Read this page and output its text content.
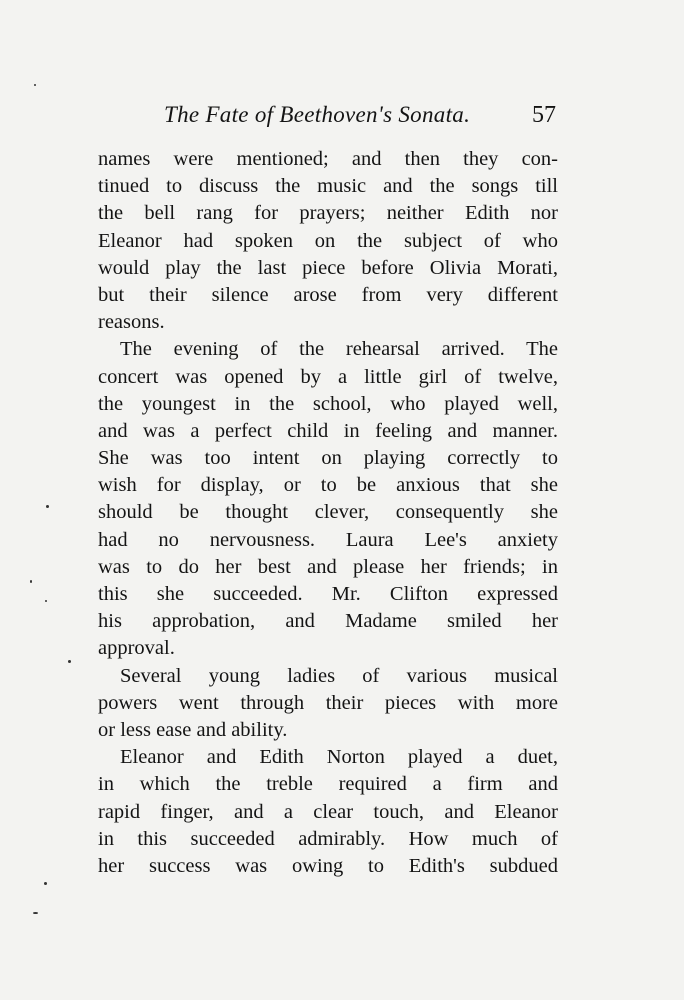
The Fate of Beethoven's Sonata.	57

names were mentioned; and then they con-
tinued to discuss the music and the songs till
the bell rang for prayers; neither Edith nor
Eleanor had spoken on the subject of who
would play the last piece before Olivia Morati,
but their silence arose from very different
reasons.

The evening of the rehearsal arrived. The
concert was opened by a little girl of twelve,
the youngest in the school, who played well,
and was a perfect child in feeling and manner.
She was too intent on playing correctly to
wish for display, or to be anxious that she
should be thought clever, consequently she
had no nervousness. Laura Lee's anxiety
was to do her best and please her friends; in
this she succeeded. Mr. Clifton expressed
his approbation, and Madame smiled her
approval.

Several young ladies of various musical
powers went through their pieces with more
or less ease and ability.

Eleanor and Edith Norton played a duet,
in which the treble required a firm and
rapid finger, and a clear touch, and Eleanor
in this succeeded admirably. How much of
her success was owing to Edith's subdued
